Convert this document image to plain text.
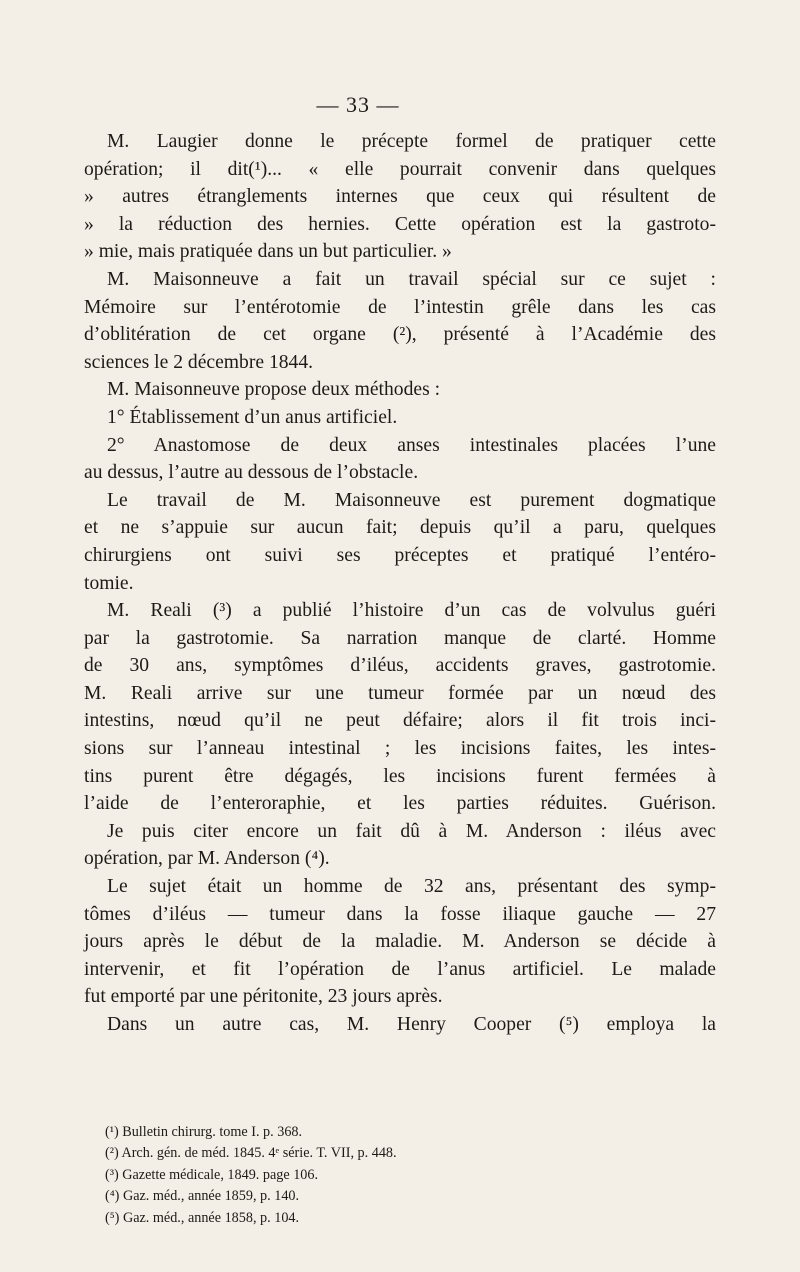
— 33 —
M. Laugier donne le précepte formel de pratiquer cette
opération; il dit(¹)... « elle pourrait convenir dans quelques
» autres étranglements internes que ceux qui résultent de
» la réduction des hernies. Cette opération est la gastroto-
» mie, mais pratiquée dans un but particulier. »
M. Maisonneuve a fait un travail spécial sur ce sujet :
Mémoire sur l’entérotomie de l’intestin grêle dans les cas
d’oblitération de cet organe (²), présenté à l’Académie des
sciences le 2 décembre 1844.
M. Maisonneuve propose deux méthodes :
1° Établissement d’un anus artificiel.
2° Anastomose de deux anses intestinales placées l’une
au dessus, l’autre au dessous de l’obstacle.
Le travail de M. Maisonneuve est purement dogmatique
et ne s’appuie sur aucun fait; depuis qu’il a paru, quelques
chirurgiens ont suivi ses préceptes et pratiqué l’entéro-
tomie.
M. Reali (³) a publié l’histoire d’un cas de volvulus guéri
par la gastrotomie. Sa narration manque de clarté. Homme
de 30 ans, symptômes d’iléus, accidents graves, gastrotomie.
M. Reali arrive sur une tumeur formée par un nœud des
intestins, nœud qu’il ne peut défaire; alors il fit trois inci-
sions sur l’anneau intestinal ; les incisions faites, les intes-
tins purent être dégagés, les incisions furent fermées à
l’aide de l’enteroraphie, et les parties réduites. Guérison.
Je puis citer encore un fait dû à M. Anderson : iléus avec
opération, par M. Anderson (⁴).
Le sujet était un homme de 32 ans, présentant des symp-
tômes d’iléus — tumeur dans la fosse iliaque gauche — 27
jours après le début de la maladie. M. Anderson se décide à
intervenir, et fit l’opération de l’anus artificiel. Le malade
fut emporté par une péritonite, 23 jours après.
Dans un autre cas, M. Henry Cooper (⁵) employa la
(¹) Bulletin chirurg. tome I. p. 368.
(²) Arch. gén. de méd. 1845. 4ᵉ série. T. VII, p. 448.
(³) Gazette médicale, 1849. page 106.
(⁴) Gaz. méd., année 1859, p. 140.
(⁵) Gaz. méd., année 1858, p. 104.
